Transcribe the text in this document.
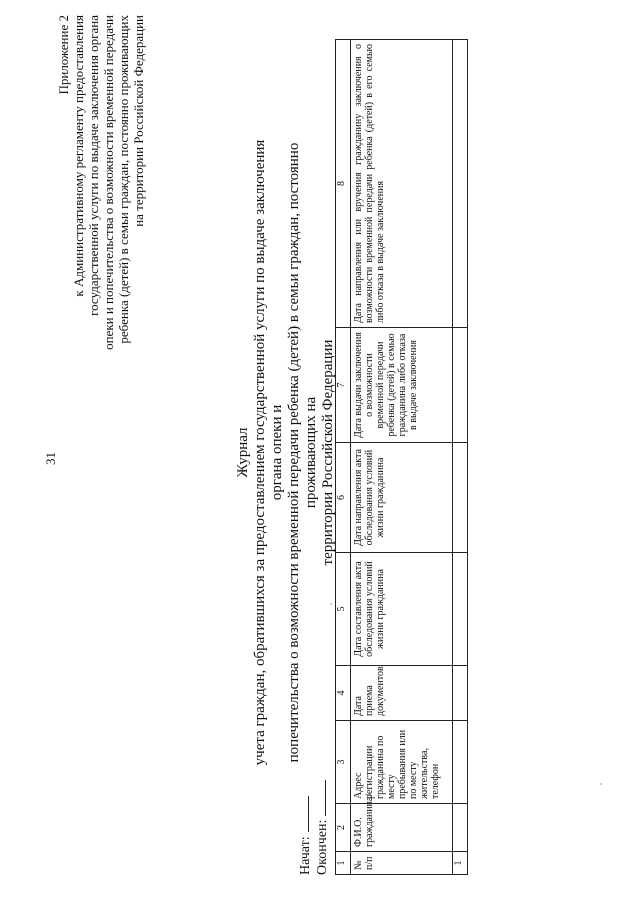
31
Приложение 2 к Административному регламенту предоставления государственной услуги по выдаче заключения органа опеки и попечительства о возможности временной передачи ребенка (детей) в семьи граждан, постоянно проживающих на территории Российской Федерации
Журнал учета граждан, обратившихся за предоставлением государственной услуги по выдаче заключения органа опеки и попечительства о возможности временной передачи ребенка (детей) в семьи граждан, постоянно проживающих на территории Российской Федерации
Начат: Окончен: 1	2	3	4	5	6	7	8
№ п/п	Ф.И.О. гражданина/	Адрес регистрации гражданина по месту пребывания или по месту жительства, телефон	Дата приема документов	Дата составления акта обследования условий жизни гражданина	Дата направления акта обследования условий жизни гражданина	Дата выдачи заключения о возможности временной передачи ребенка (детей) в семью гражданина либо отказа в выдаче заключения	Дата направления или вручения гражданину заключения о возможности временной передачи ребенка (детей) в его семью либо отказа в выдаче заключения
1							
